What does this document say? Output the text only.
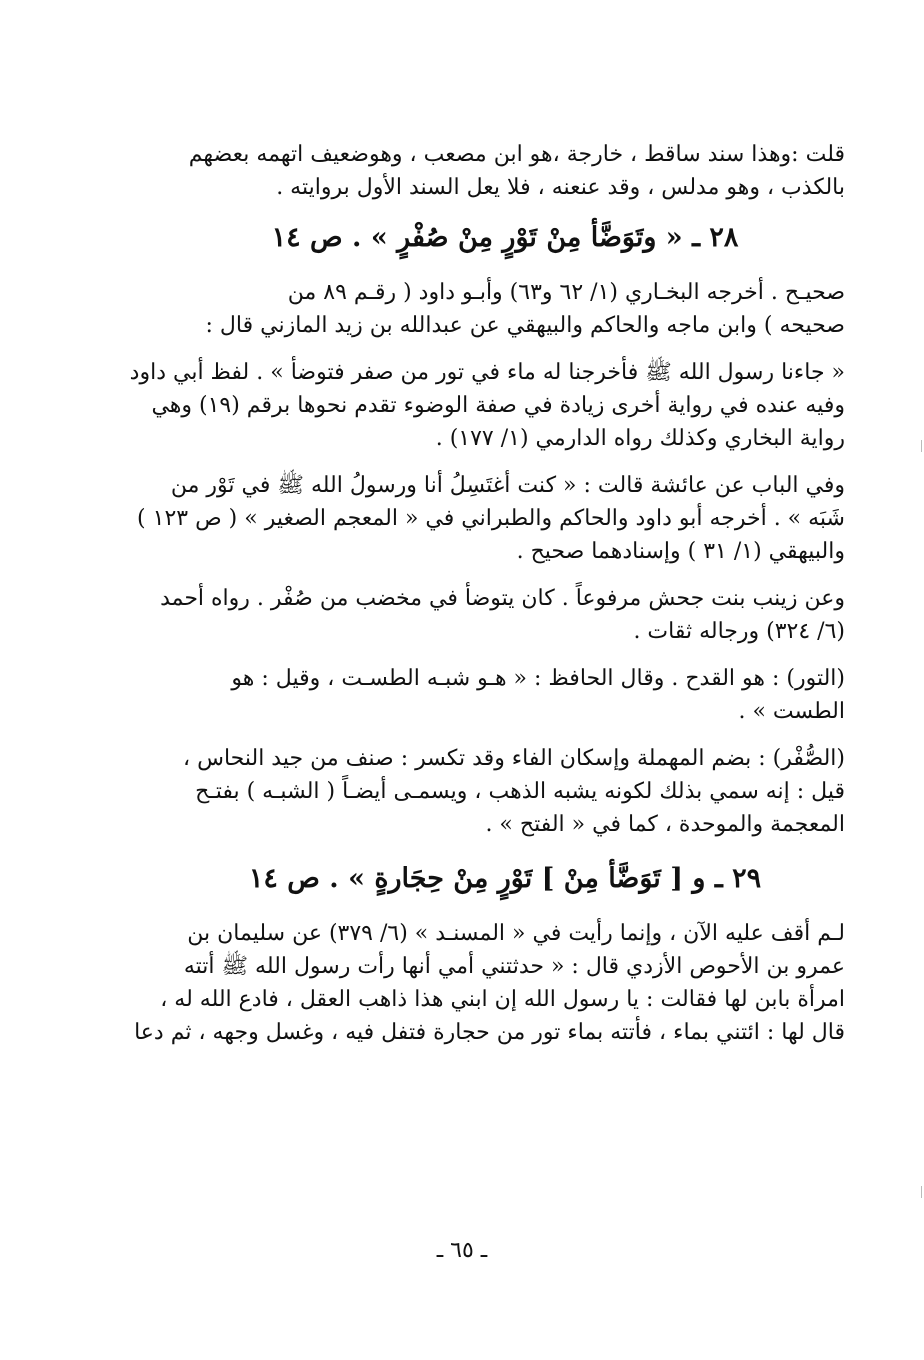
قلت :وهذا سند ساقط ، خارجة ،هو ابن مصعب ، وهوضعيف اتهمه بعضهم
بالكذب ، وهو مدلس ، وقد عنعنه ، فلا يعل السند الأول بروايته .

٢٨ ـ « وتَوَضَّأ مِنْ تَوْرٍ مِنْ صُفْرٍ » . ص ١٤

صحيـح . أخرجه البخـاري (١/ ٦٢ و٦٣) وأبـو داود ( رقـم ٨٩ من
صحيحه ) وابن ماجه والحاكم والبيهقي عن عبدالله بن زيد المازني قال :

« جاءنا رسول الله ﷺ فأخرجنا له ماء في تور من صفر فتوضأ » . لفظ أبي داود
وفيه عنده في رواية أخرى زيادة في صفة الوضوء تقدم نحوها برقم (١٩) وهي
رواية البخاري وكذلك رواه الدارمي (١/ ١٧٧) .

وفي الباب عن عائشة قالت : « كنت أغتَسِلُ أنا ورسولُ الله ﷺ في تَوْر من
شَبَه » . أخرجه أبو داود والحاكم والطبراني في « المعجم الصغير » ( ص ١٢٣ )
والبيهقي (١/ ٣١ ) وإسنادهما صحيح .

وعن زينب بنت جحش مرفوعاً . كان يتوضأ في مخضب من صُفْر . رواه أحمد
(٦/ ٣٢٤) ورجاله ثقات .

(التور) : هو القدح . وقال الحافظ : « هـو شبـه الطسـت ، وقيل : هو
الطست » .

(الصُّفْر) : بضم المهملة وإسكان الفاء وقد تكسر : صنف من جيد النحاس ،
قيل : إنه سمي بذلك لكونه يشبه الذهب ، ويسمـى أيضـاً ( الشبـه ) بفتـح
المعجمة والموحدة ، كما في « الفتح » .

٢٩ ـ و [ تَوَضَّأ مِنْ ] تَوْرٍ مِنْ حِجَارةٍ » . ص ١٤

لـم أقف عليه الآن ، وإنما رأيت في « المسنـد » (٦/ ٣٧٩) عن سليمان بن
عمرو بن الأحوص الأزدي قال : « حدثتني أمي أنها رأت رسول الله ﷺ أتته
امرأة بابن لها فقالت : يا رسول الله إن ابني هذا ذاهب العقل ، فادع الله له ،
قال لها : ائتني بماء ، فأتته بماء تور من حجارة فتفل فيه ، وغسل وجهه ، ثم دعا

ـ ٦٥ ـ
